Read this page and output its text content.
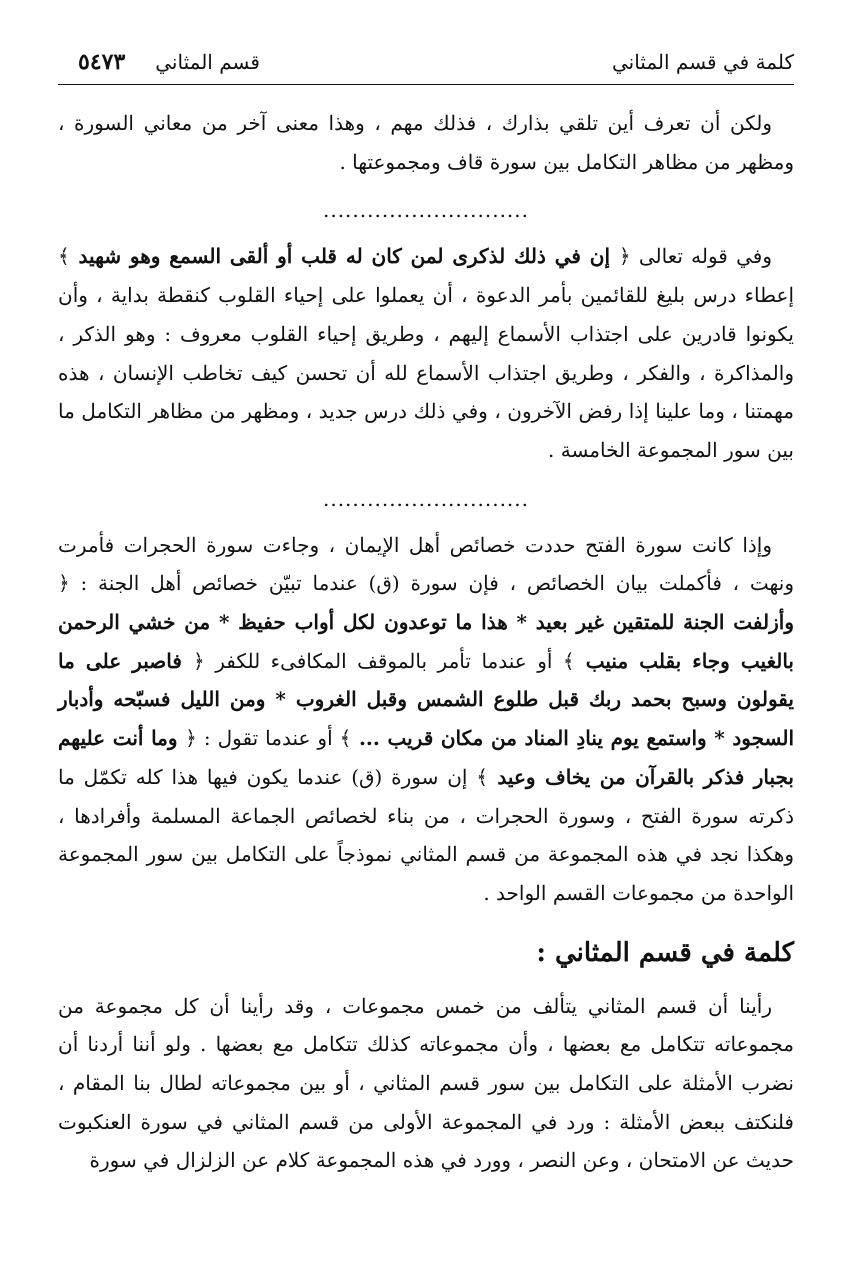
كلمة في قسم المثاني
قسم المثاني
٥٤٧٣

ولكن أن تعرف أين تلقي بذارك ، فذلك مهم ، وهذا معنى آخر من معاني السورة ، ومظهر من مظاهر التكامل بين سورة قاف ومجموعتها .

............................

وفي قوله تعالى ﴿ إن في ذلك لذكرى لمن كان له قلب أو ألقى السمع وهو شهيد ﴾ إعطاء درس بليغ للقائمين بأمر الدعوة ، أن يعملوا على إحياء القلوب كنقطة بداية ، وأن يكونوا قادرين على اجتذاب الأسماع إليهم ، وطريق إحياء القلوب معروف : وهو الذكر ، والمذاكرة ، والفكر ، وطريق اجتذاب الأسماع لله أن تحسن كيف تخاطب الإنسان ، هذه مهمتنا ، وما علينا إذا رفض الآخرون ، وفي ذلك درس جديد ، ومظهر من مظاهر التكامل ما بين سور المجموعة الخامسة .

............................

وإذا كانت سورة الفتح حددت خصائص أهل الإيمان ، وجاءت سورة الحجرات فأمرت ونهت ، فأكملت بيان الخصائص ، فإن سورة (ق) عندما تبيّن خصائص أهل الجنة : ﴿ وأزلفت الجنة للمتقين غير بعيد * هذا ما توعدون لكل أواب حفيظ * من خشي الرحمن بالغيب وجاء بقلب منيب ﴾ أو عندما تأمر بالموقف المكافىء للكفر ﴿ فاصبر على ما يقولون وسبح بحمد ربك قبل طلوع الشمس وقبل الغروب * ومن الليل فسبّحه وأدبار السجود * واستمع يوم ينادِ المناد من مكان قريب ... ﴾ أو عندما تقول : ﴿ وما أنت عليهم بجبار فذكر بالقرآن من يخاف وعيد ﴾ إن سورة (ق) عندما يكون فيها هذا كله تكمّل ما ذكرته سورة الفتح ، وسورة الحجرات ، من بناء لخصائص الجماعة المسلمة وأفرادها ، وهكذا نجد في هذه المجموعة من قسم المثاني نموذجاً على التكامل بين سور المجموعة الواحدة من مجموعات القسم الواحد .

كلمة في قسم المثاني :

رأينا أن قسم المثاني يتألف من خمس مجموعات ، وقد رأينا أن كل مجموعة من مجموعاته تتكامل مع بعضها ، وأن مجموعاته كذلك تتكامل مع بعضها . ولو أننا أردنا أن نضرب الأمثلة على التكامل بين سور قسم المثاني ، أو بين مجموعاته لطال بنا المقام ، فلنكتف ببعض الأمثلة : ورد في المجموعة الأولى من قسم المثاني في سورة العنكبوت حديث عن الامتحان ، وعن النصر ، وورد في هذه المجموعة كلام عن الزلزال في سورة
